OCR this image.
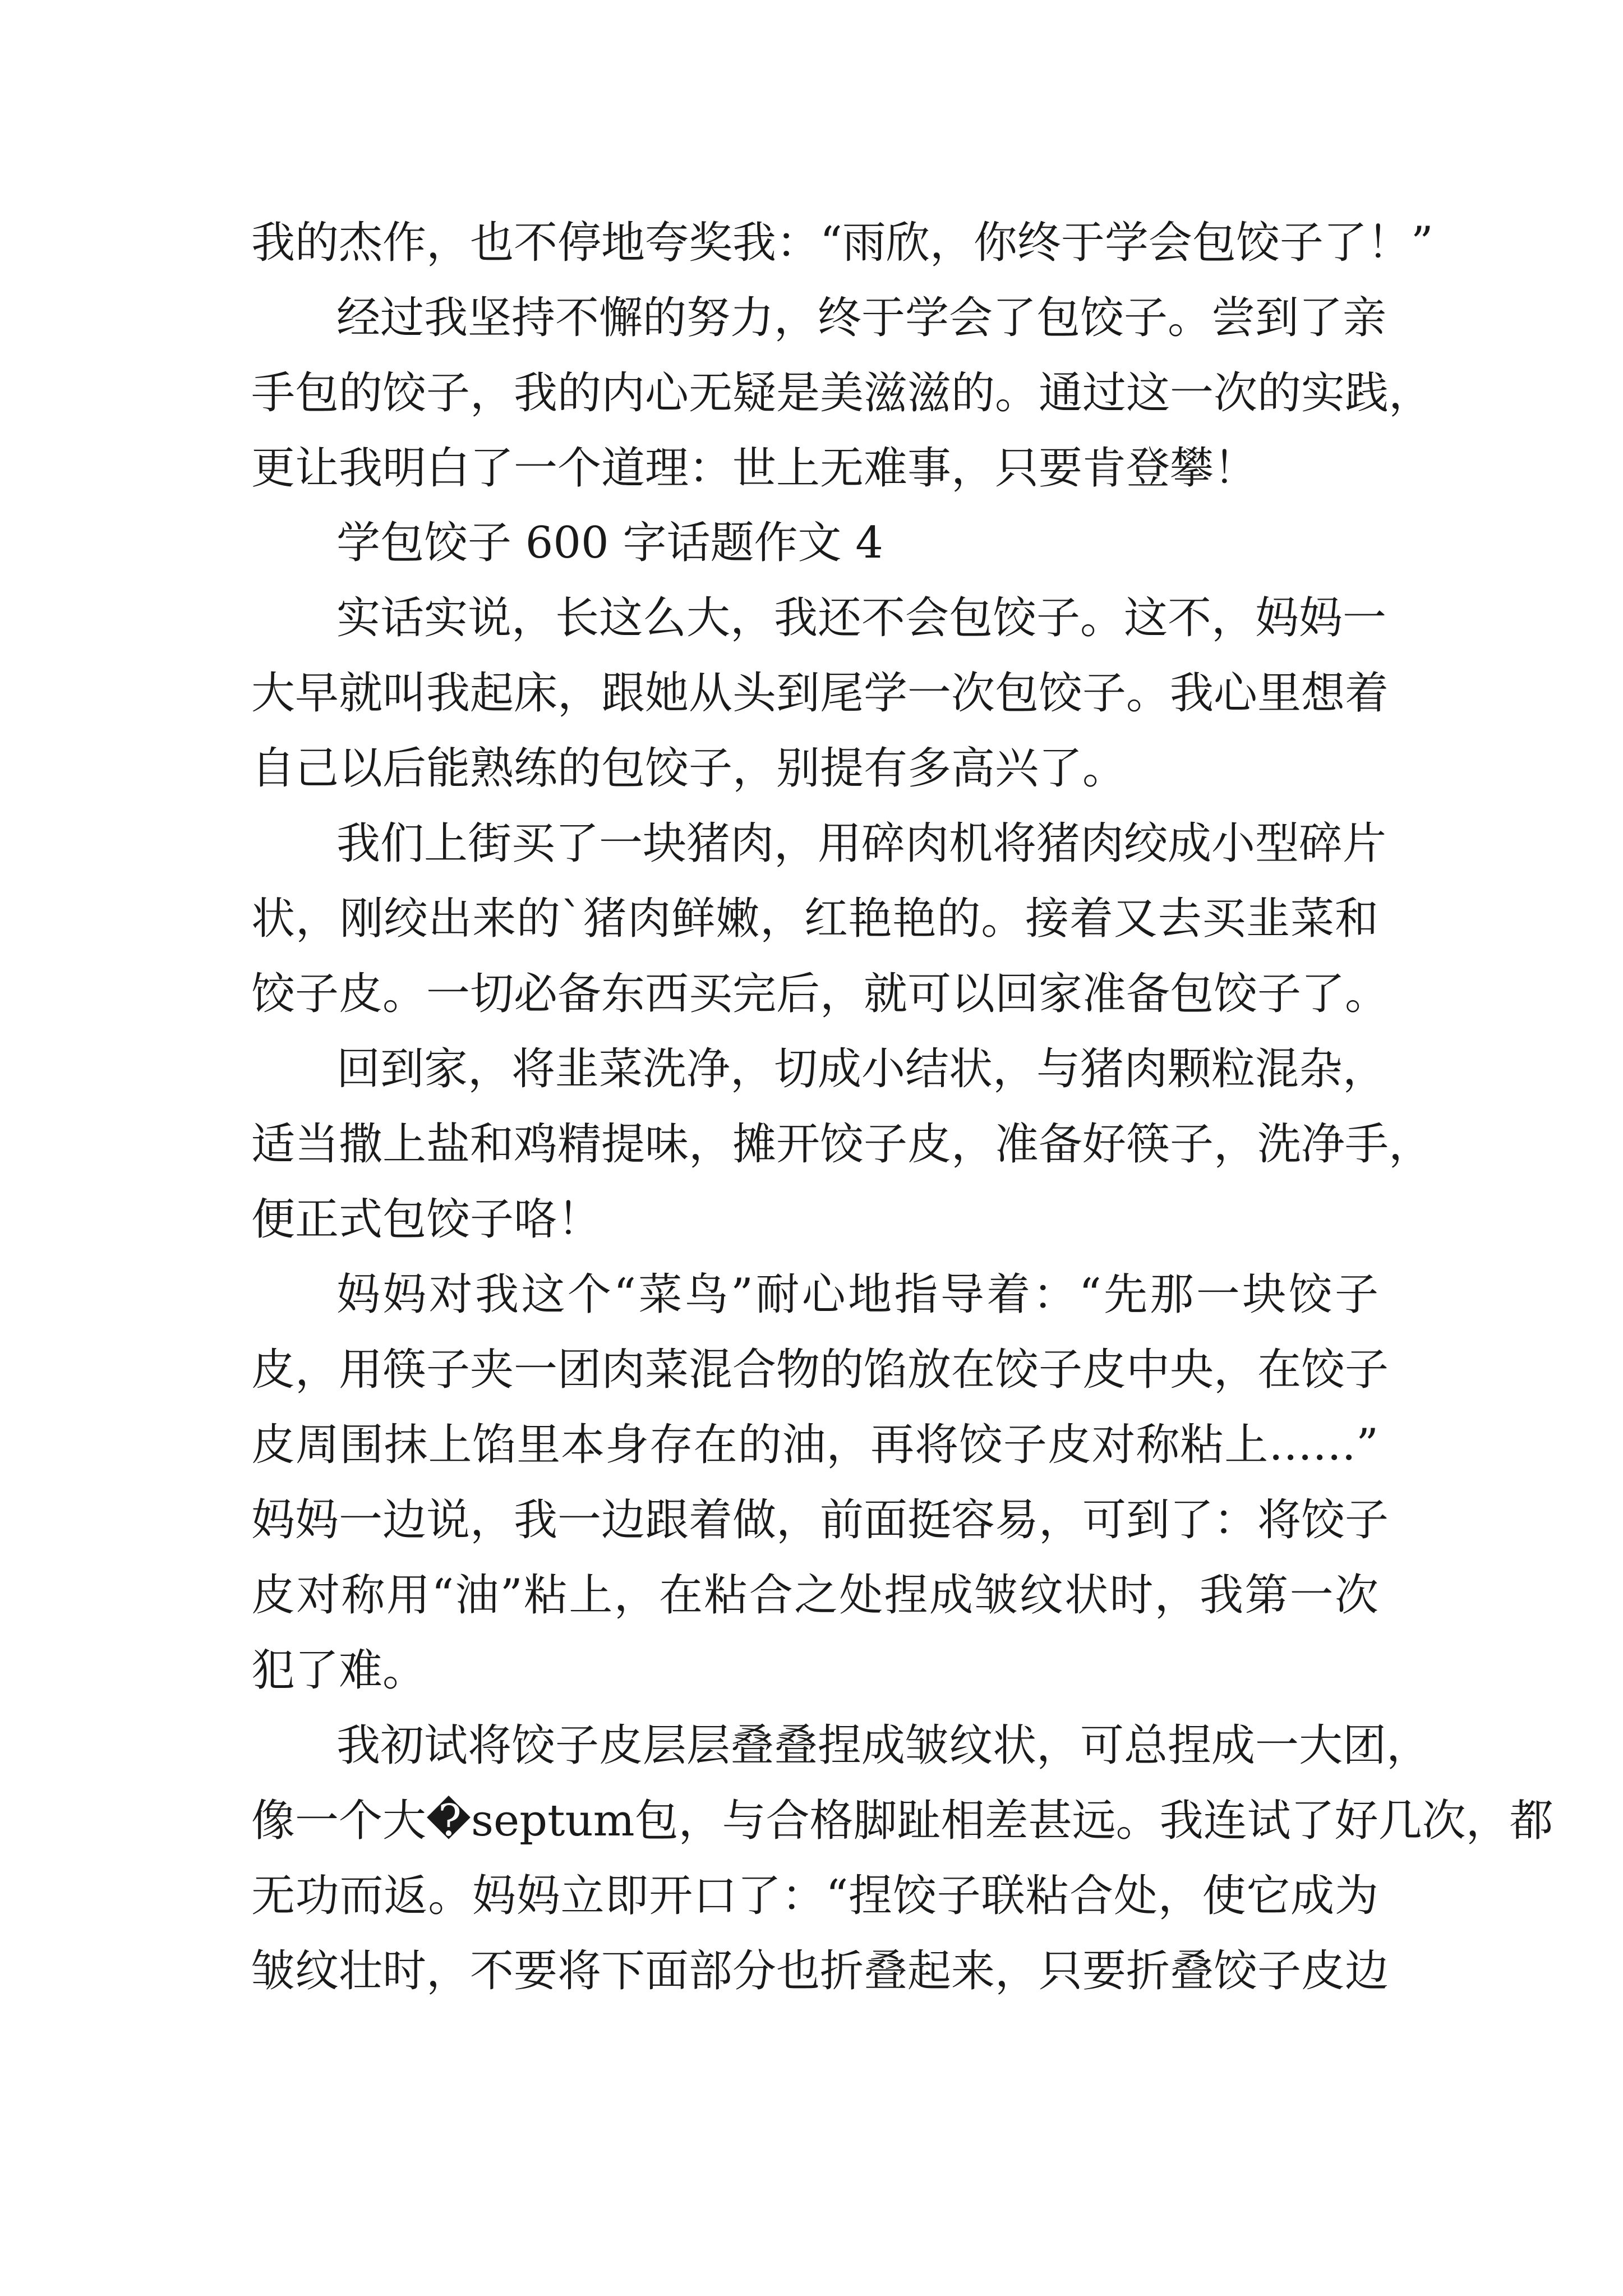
我的杰作，也不停地夸奖我：“雨欣，你终于学会包饺子了！”
经过我坚持不懈的努力，终于学会了包饺子。尝到了亲
手包的饺子，我的内心无疑是美滋滋的。通过这一次的实践，
更让我明白了一个道理：世上无难事，只要肯登攀！
学包饺子 600 字话题作文 4
实话实说，长这么大，我还不会包饺子。这不，妈妈一
大早就叫我起床，跟她从头到尾学一次包饺子。我心里想着
自己以后能熟练的包饺子，别提有多高兴了。
我们上街买了一块猪肉，用碎肉机将猪肉绞成小型碎片
状，刚绞出来的`猪肉鲜嫩，红艳艳的。接着又去买韭菜和
饺子皮。一切必备东西买完后，就可以回家准备包饺子了。
回到家，将韭菜洗净，切成小结状，与猪肉颗粒混杂，
适当撒上盐和鸡精提味，摊开饺子皮，准备好筷子，洗净手，
便正式包饺子咯！
妈妈对我这个“菜鸟”耐心地指导着：“先那一块饺子
皮，用筷子夹一团肉菜混合物的馅放在饺子皮中央，在饺子
皮周围抹上馅里本身存在的油，再将饺子皮对称粘上……”
妈妈一边说，我一边跟着做，前面挺容易，可到了：将饺子
皮对称用“油”粘上，在粘合之处捏成皱纹状时，我第一次
犯了难。
我初试将饺子皮层层叠叠捏成皱纹状，可总捏成一大团，
像一个大�septum包，与合格脚趾相差甚远。我连试了好几次，都
无功而返。妈妈立即开口了：“捏饺子联粘合处，使它成为
皱纹壮时，不要将下面部分也折叠起来，只要折叠饺子皮边
